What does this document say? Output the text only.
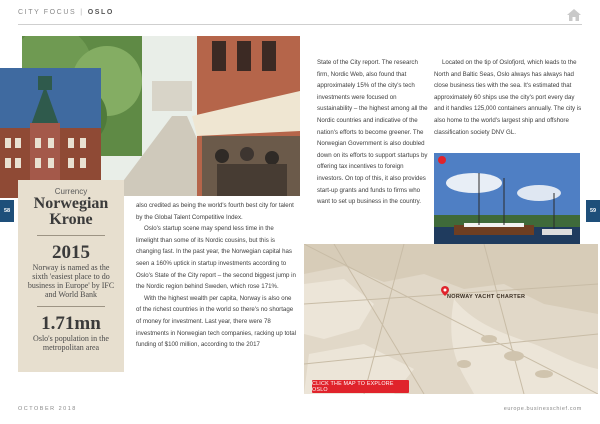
CITY FOCUS | OSLO
58	59
Currency
Norwegian Krone
2015
Norway is named as the sixth 'easiest place to do business in Europe' by IFC and World Bank
1.71mn
Oslo's population in the metropolitan area

also credited as being the world's fourth best city for talent by the Global Talent Competitive Index.

Oslo's startup scene may spend less time in the limelight than some of its Nordic cousins, but this is changing fast. In the past year, the Norwegian capital has seen a 160% uptick in startup investments according to Oslo's State of the City report – the second biggest jump in the Nordic region behind Sweden, which rose 171%.

With the highest wealth per capita, Norway is also one of the richest countries in the world so there's no shortage of money for investment. Last year, there were 78 investments in Norwegian tech companies, racking up total funding of $100 million, according to the 2017

State of the City report. The research firm, Nordic Web, also found that approximately 15% of the city's tech investments were focused on sustainability – the highest among all the Nordic countries and indicative of the nation's efforts to become greener. The Norwegian Government is also doubled down on its efforts to support startups by offering tax incentives to foreign investors. On top of this, it also provides start-up grants and funds to firms who want to set up business in the country.

Located on the tip of Oslofjord, which leads to the North and Baltic Seas, Oslo always has always had close business ties with the sea. It's estimated that approximately 60 ships use the city's port every day and it handles 125,000 containers annually. The city is also home to the world's largest ship and offshore classification society DNV GL.

NORWAY YACHT CHARTER
CLICK THE MAP TO EXPLORE OSLO
OCTOBER 2018	europe.businesschief.com
